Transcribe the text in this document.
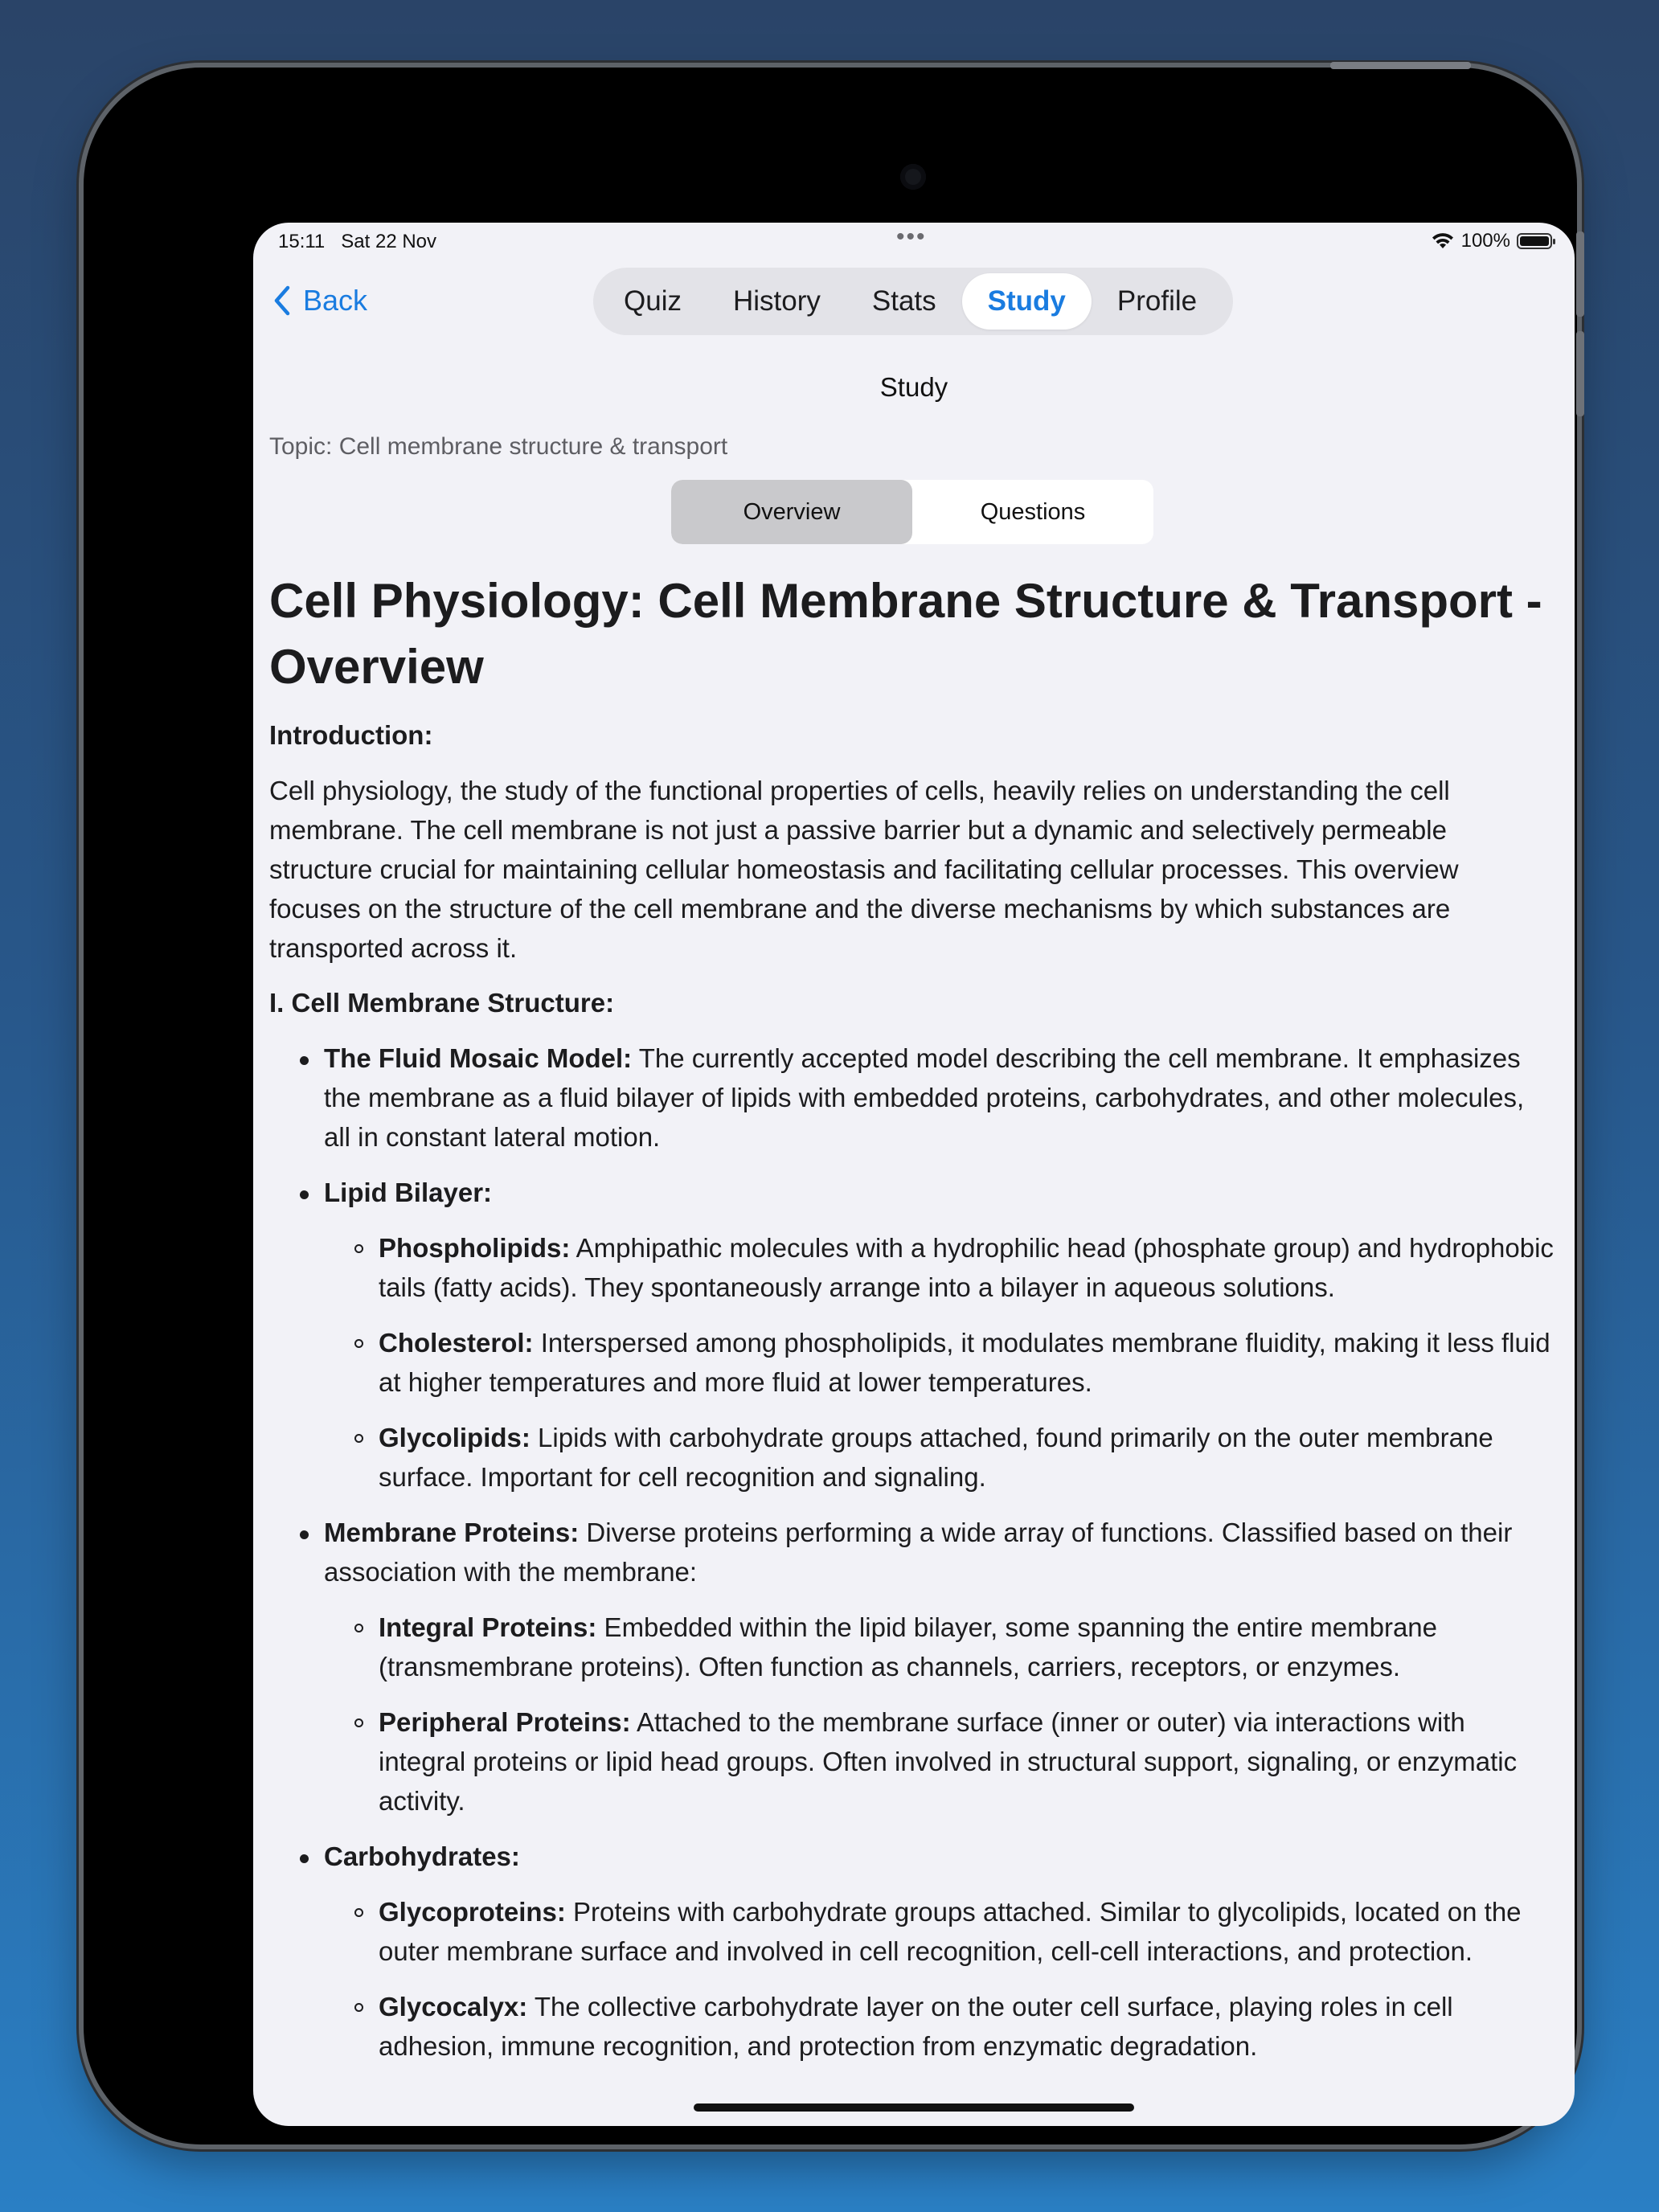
15:11 Sat 22 Nov	•••	100%
Back	Quiz	History	Stats	Study	Profile
Study
Topic: Cell membrane structure & transport
Overview	Questions
Cell Physiology: Cell Membrane Structure & Transport - Overview
Introduction:

Cell physiology, the study of the functional properties of cells, heavily relies on understanding the cell membrane. The cell membrane is not just a passive barrier but a dynamic and selectively permeable structure crucial for maintaining cellular homeostasis and facilitating cellular processes. This overview focuses on the structure of the cell membrane and the diverse mechanisms by which substances are transported across it.

I. Cell Membrane Structure:
The Fluid Mosaic Model: The currently accepted model describing the cell membrane. It emphasizes the membrane as a fluid bilayer of lipids with embedded proteins, carbohydrates, and other molecules, all in constant lateral motion.
Lipid Bilayer:
Phospholipids: Amphipathic molecules with a hydrophilic head (phosphate group) and hydrophobic tails (fatty acids). They spontaneously arrange into a bilayer in aqueous solutions.
Cholesterol: Interspersed among phospholipids, it modulates membrane fluidity, making it less fluid at higher temperatures and more fluid at lower temperatures.
Glycolipids: Lipids with carbohydrate groups attached, found primarily on the outer membrane surface. Important for cell recognition and signaling.
Membrane Proteins: Diverse proteins performing a wide array of functions. Classified based on their association with the membrane:
Integral Proteins: Embedded within the lipid bilayer, some spanning the entire membrane (transmembrane proteins). Often function as channels, carriers, receptors, or enzymes.
Peripheral Proteins: Attached to the membrane surface (inner or outer) via interactions with integral proteins or lipid head groups. Often involved in structural support, signaling, or enzymatic activity.
Carbohydrates:
Glycoproteins: Proteins with carbohydrate groups attached. Similar to glycolipids, located on the outer membrane surface and involved in cell recognition, cell-cell interactions, and protection.
Glycocalyx: The collective carbohydrate layer on the outer cell surface, playing roles in cell adhesion, immune recognition, and protection from enzymatic degradation.
